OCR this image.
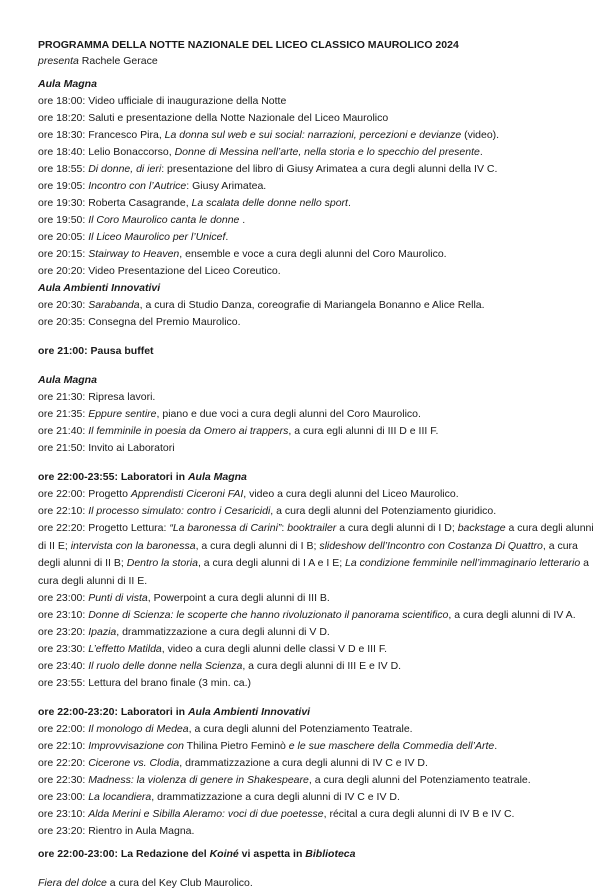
PROGRAMMA DELLA NOTTE NAZIONALE DEL LICEO CLASSICO MAUROLICO 2024
presenta Rachele Gerace
Aula Magna
ore 18:00: Video ufficiale di inaugurazione della Notte
ore 18:20: Saluti e presentazione della Notte Nazionale del Liceo Maurolico
ore 18:30: Francesco Pira, La donna sul web e sui social: narrazioni, percezioni e devianze (video).
ore 18:40: Lelio Bonaccorso, Donne di Messina nell’arte, nella storia e lo specchio del presente.
ore 18:55: Di donne, di ieri: presentazione del libro di Giusy Arimatea a cura degli alunni della IV C.
ore 19:05: Incontro con l’Autrice: Giusy Arimatea.
ore 19:30: Roberta Casagrande, La scalata delle donne nello sport.
ore 19:50: Il Coro Maurolico canta le donne .
ore 20:05: Il Liceo Maurolico per l’Unicef.
ore 20:15: Stairway to Heaven, ensemble e voce a cura degli alunni del Coro Maurolico.
ore 20:20: Video Presentazione del Liceo Coreutico.
Aula Ambienti Innovativi
ore 20:30: Sarabanda, a cura di Studio Danza, coreografie di Mariangela Bonanno e Alice Rella.
ore 20:35: Consegna del Premio Maurolico.
ore 21:00: Pausa buffet
Aula Magna
ore 21:30: Ripresa lavori.
ore 21:35: Eppure sentire, piano e due voci a cura degli alunni del Coro Maurolico.
ore 21:40: Il femminile in poesia da Omero ai trappers, a cura egli alunni di III D e III F.
ore 21:50: Invito ai Laboratori
ore 22:00-23:55: Laboratori in Aula Magna
ore 22:00: Progetto Apprendisti Ciceroni FAI, video a cura degli alunni del Liceo Maurolico.
ore 22:10: Il processo simulato: contro i Cesaricidi, a cura degli alunni del Potenziamento giuridico.
ore 22:20: Progetto Lettura: “La baronessa di Carini”: booktrailer a cura degli alunni di I D; backstage a cura degli alunni di II E; intervista con la baronessa, a cura degli alunni di I B; slideshow dell’Incontro con Costanza Di Quattro, a cura degli alunni di II B; Dentro la storia, a cura degli alunni di I A e I E; La condizione femminile nell’immaginario letterario a cura degli alunni di II E.
ore 23:00: Punti di vista, Powerpoint a cura degli alunni di III B.
ore 23:10: Donne di Scienza: le scoperte che hanno rivoluzionato il panorama scientifico, a cura degli alunni di IV A.
ore 23:20: Ipazia, drammatizzazione a cura degli alunni di V D.
ore 23:30: L’effetto Matilda, video a cura degli alunni delle classi V D e III F.
ore 23:40: Il ruolo delle donne nella Scienza, a cura degli alunni di III E e IV D.
ore 23:55: Lettura del brano finale (3 min. ca.)
ore 22:00-23:20: Laboratori in Aula Ambienti Innovativi
ore 22:00: Il monologo di Medea, a cura degli alunni del Potenziamento Teatrale.
ore 22:10: Improvvisazione con Thilina Pietro Feminò e le sue maschere della Commedia dell’Arte.
ore 22:20: Cicerone vs. Clodia, drammatizzazione a cura degli alunni di IV C e IV D.
ore 22:30: Madness: la violenza di genere in Shakespeare, a cura degli alunni del Potenziamento teatrale.
ore 23:00: La locandiera, drammatizzazione a cura degli alunni di IV C e IV D.
ore 23:10: Alda Merini e Sibilla Aleramo: voci di due poetesse, récital a cura degli alunni di IV B e IV C.
ore 23:20: Rientro in Aula Magna.
ore 22:00-23:00: La Redazione del Koiné vi aspetta in Biblioteca
Fiera del dolce a cura del Key Club Maurolico.
